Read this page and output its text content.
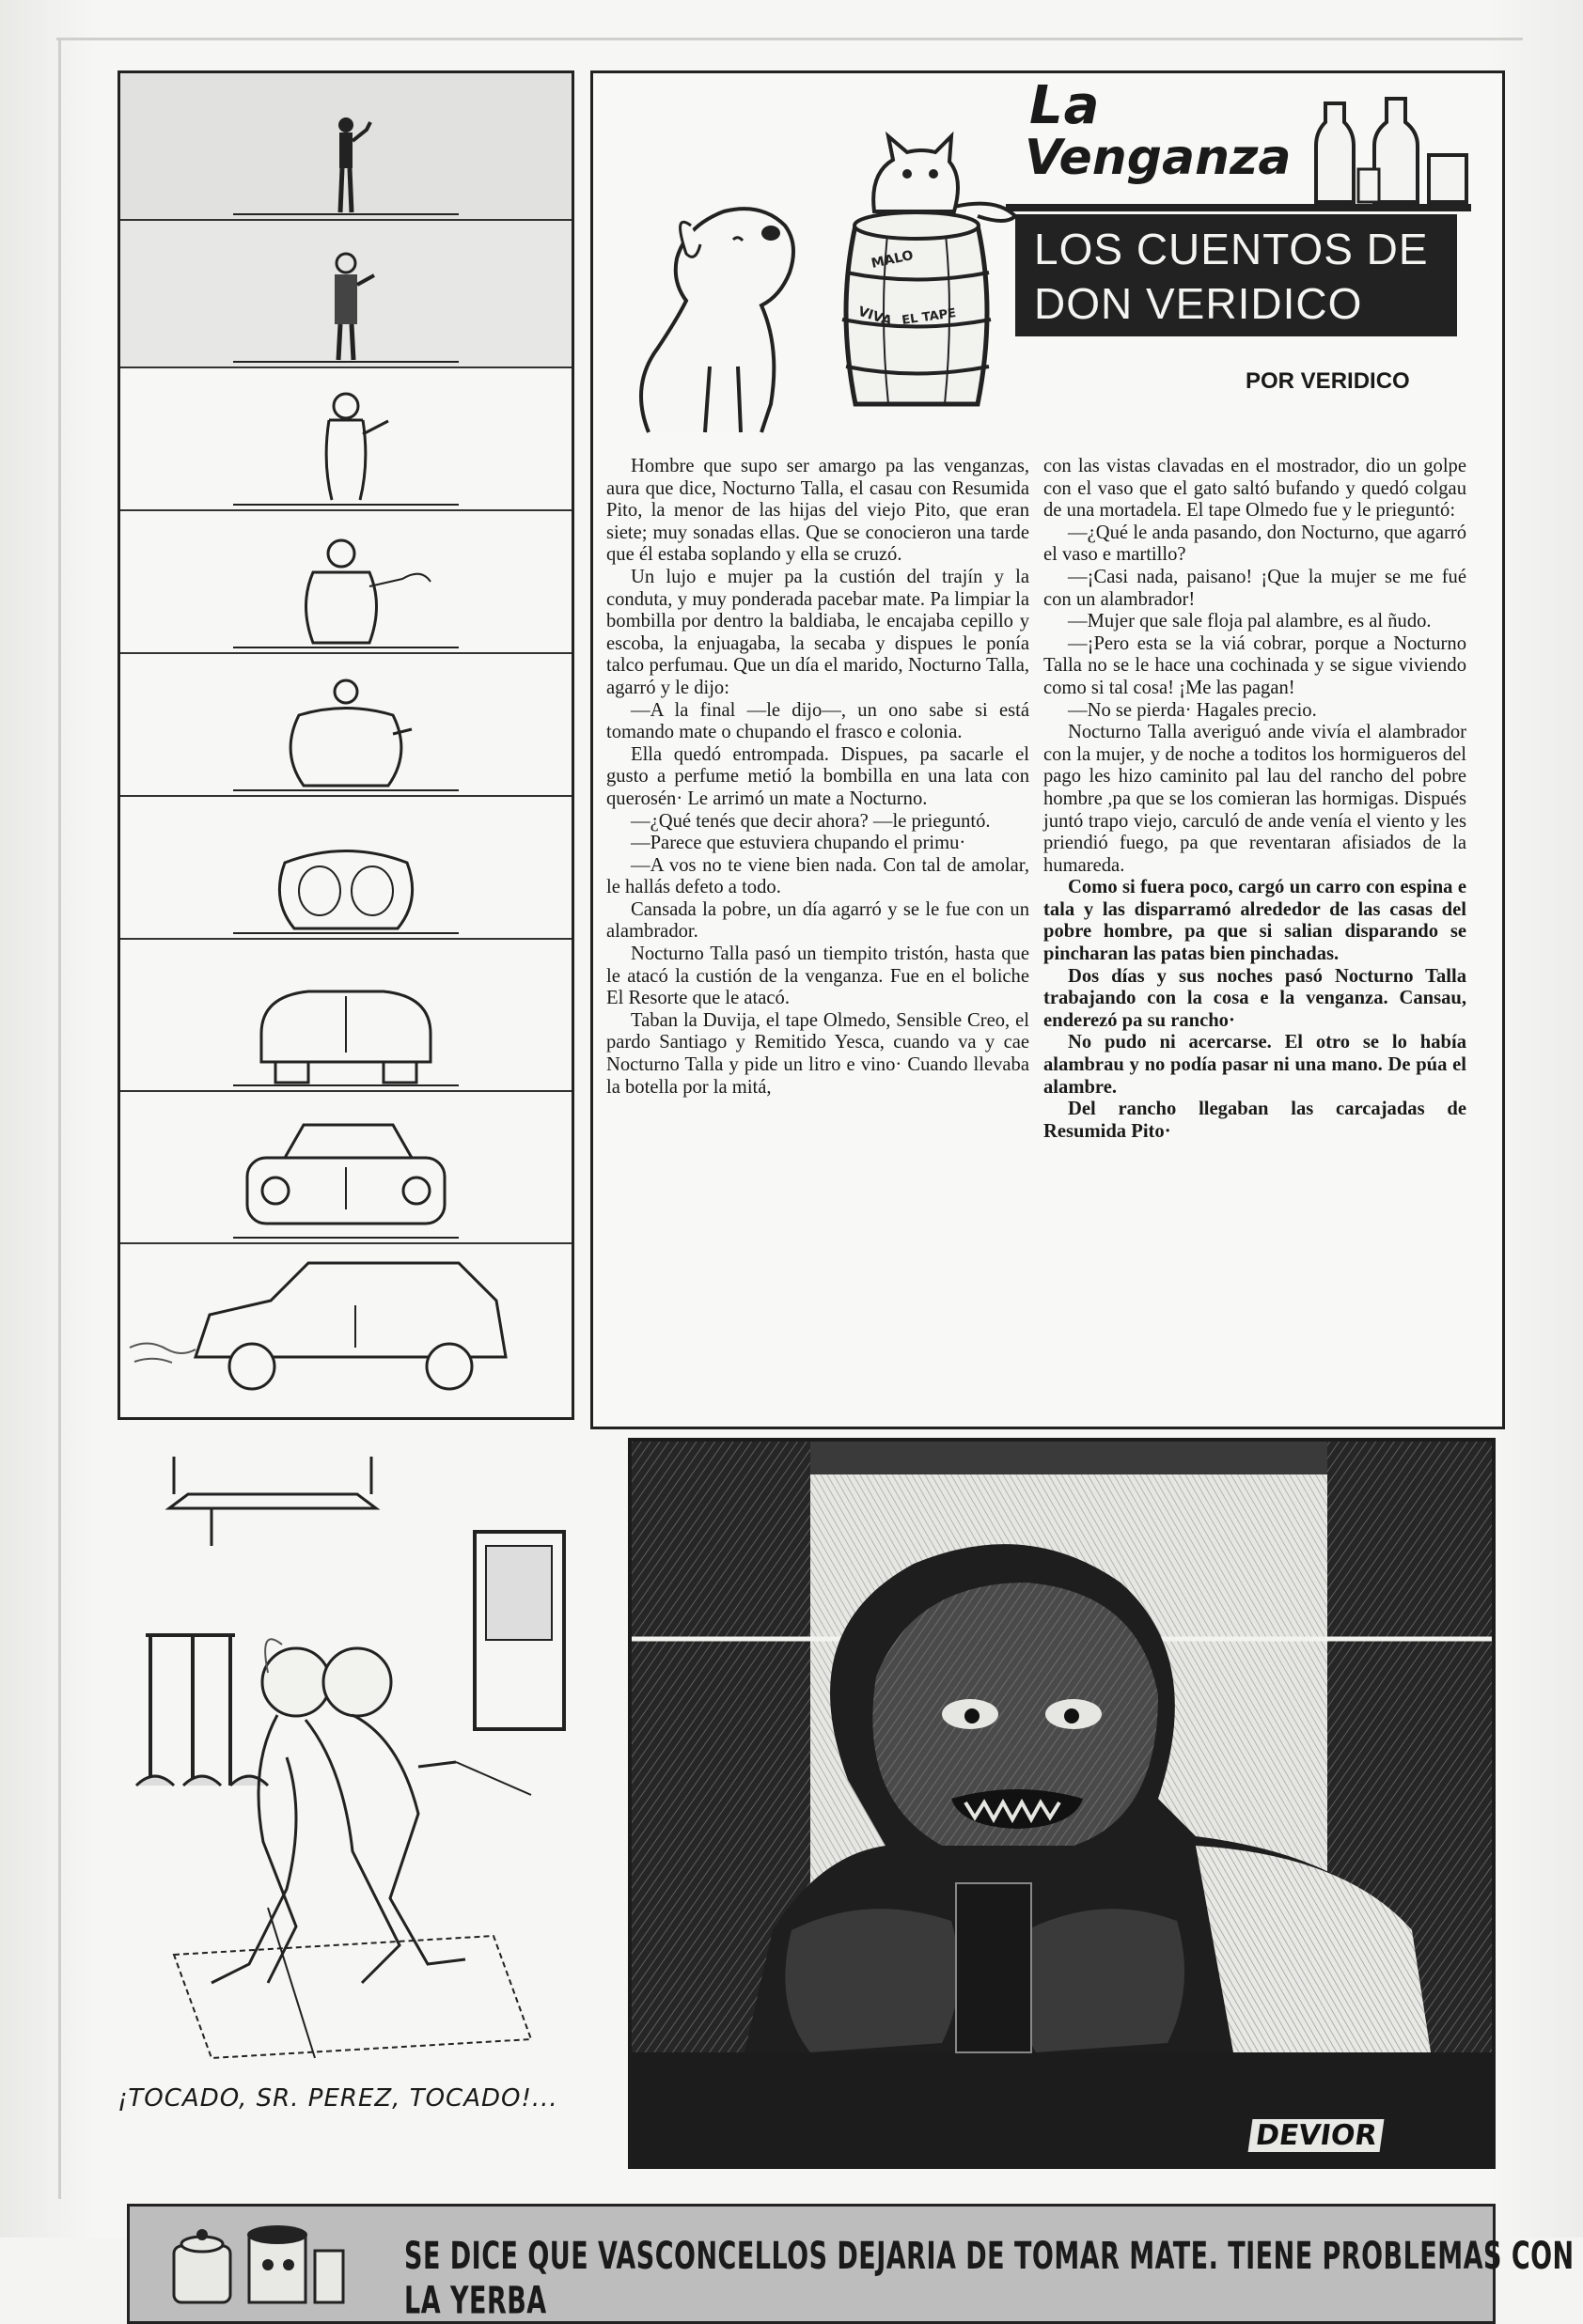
MALO
VIVA EL TAPE
La
Venganza
LOS CUENTOS DE
DON VERIDICO
POR VERIDICO

Hombre que supo ser amargo pa las venganzas, aura que dice, Nocturno Talla, el casau con Resumida Pito, la menor de las hijas del viejo Pito, que eran siete; muy sonadas ellas. Que se conocieron una tarde que él estaba soplando y ella se cruzó.

Un lujo e mujer pa la custión del trajín y la conduta, y muy ponderada pacebar mate. Pa limpiar la bombilla por dentro la baldiaba, le encajaba cepillo y escoba, la enjuagaba, la secaba y dispues le ponía talco perfumau. Que un día el marido, Nocturno Talla, agarró y le dijo:

—A la final —le dijo—, un ono sabe si está tomando mate o chupando el frasco e colonia.

Ella quedó entrompada. Dispues, pa sacarle el gusto a perfume metió la bombilla en una lata con querosén· Le arrimó un mate a Nocturno.

—¿Qué tenés que decir ahora? —le prieguntó.

—Parece que estuviera chupando el primu·

—A vos no te viene bien nada. Con tal de amolar, le hallás defeto a todo.

Cansada la pobre, un día agarró y se le fue con un alambrador.

Nocturno Talla pasó un tiempito tristón, hasta que le atacó la custión de la venganza. Fue en el boliche El Resorte que le atacó.

Taban la Duvija, el tape Olmedo, Sensible Creo, el pardo Santiago y Remitido Yesca, cuando va y cae Nocturno Talla y pide un litro e vino· Cuando llevaba la botella por la mitá,

con las vistas clavadas en el mostrador, dio un golpe con el vaso que el gato saltó bufando y quedó colgau de una mortadela. El tape Olmedo fue y le prieguntó:

—¿Qué le anda pasando, don Nocturno, que agarró el vaso e martillo?

—¡Casi nada, paisano! ¡Que la mujer se me fué con un alambrador!

—Mujer que sale floja pal alambre, es al ñudo.

—¡Pero esta se la viá cobrar, porque a Nocturno Talla no se le hace una cochinada y se sigue viviendo como si tal cosa! ¡Me las pagan!

—No se pierda· Hagales precio.

Nocturno Talla averiguó ande vivía el alambrador con la mujer, y de noche a toditos los hormigueros del pago les hizo caminito pal lau del rancho del pobre hombre ,pa que se los comieran las hormigas. Dispués juntó trapo viejo, carculó de ande venía el viento y les priendió fuego, pa que reventaran afisiados de la humareda.

Como si fuera poco, cargó un carro con espina e tala y las disparramó alrededor de las casas del pobre hombre, pa que si salian disparando se pincharan las patas bien pinchadas.

Dos días y sus noches pasó Nocturno Talla trabajando con la cosa e la venganza. Cansau, enderezó pa su rancho·

No pudo ni acercarse. El otro se lo había alambrau y no podía pasar ni una mano. De púa el alambre.

Del rancho llegaban las carcajadas de Resumida Pito·

DEVIOR
¡TOCADO, SR. PEREZ, TOCADO!...
SE DICE QUE VASCONCELLOS DEJARIA DE TOMAR MATE. TIENE PROBLEMAS CON LA YERBA
